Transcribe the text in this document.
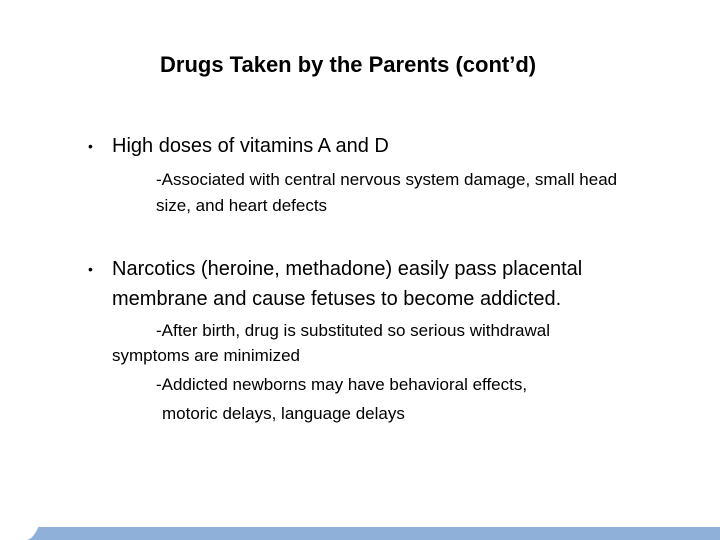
Drugs Taken by the Parents (cont’d)
• High doses of vitamins A and D
-Associated with central nervous system damage, small head
size, and heart defects
• Narcotics (heroine, methadone) easily pass placental
membrane and cause fetuses to become addicted.
-After birth, drug is substituted so serious withdrawal
symptoms are minimized
-Addicted newborns may have behavioral effects,
motoric delays, language delays
